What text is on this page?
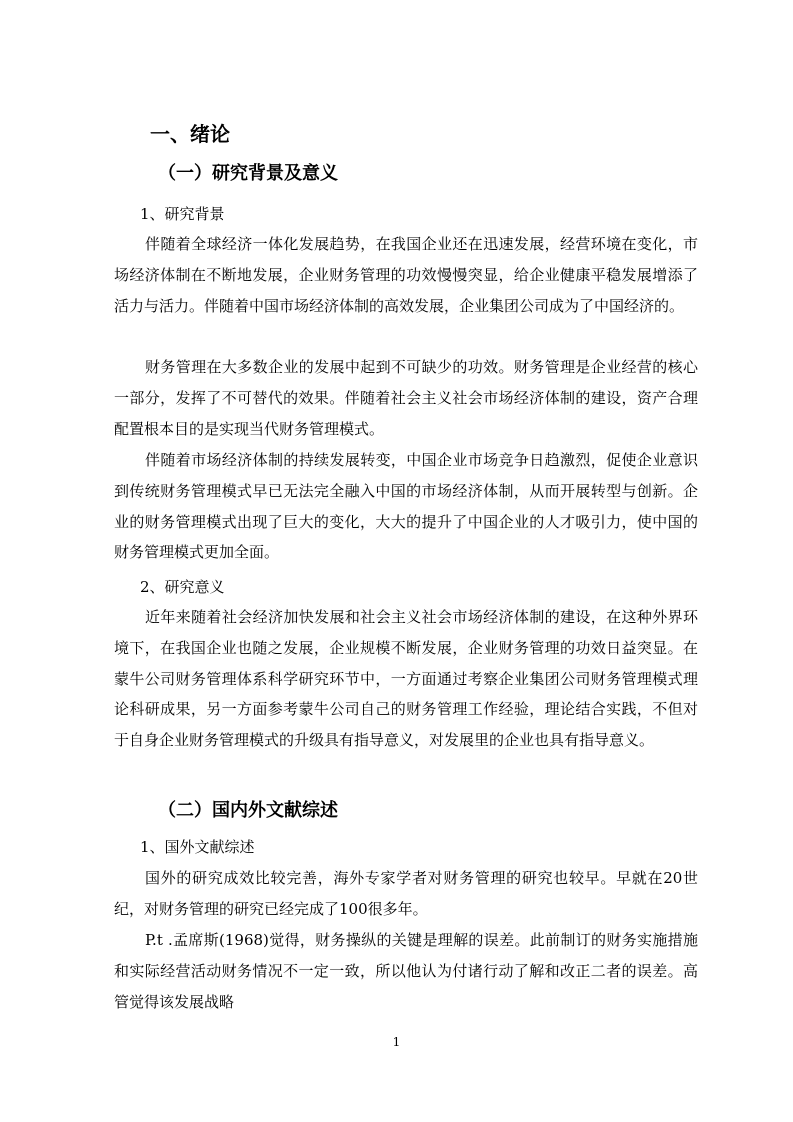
一、绪论
（一）研究背景及意义
1、研究背景

伴随着全球经济一体化发展趋势，在我国企业还在迅速发展，经营环境在变化，市场经济体制在不断地发展，企业财务管理的功效慢慢突显，给企业健康平稳发展增添了活力与活力。伴随着中国市场经济体制的高效发展，企业集团公司成为了中国经济的。

财务管理在大多数企业的发展中起到不可缺少的功效。财务管理是企业经营的核心一部分，发挥了不可替代的效果。伴随着社会主义社会市场经济体制的建设，资产合理配置根本目的是实现当代财务管理模式。

伴随着市场经济体制的持续发展转变，中国企业市场竞争日趋激烈，促使企业意识到传统财务管理模式早已无法完全融入中国的市场经济体制，从而开展转型与创新。企业的财务管理模式出现了巨大的变化，大大的提升了中国企业的人才吸引力，使中国的财务管理模式更加全面。

2、研究意义

近年来随着社会经济加快发展和社会主义社会市场经济体制的建设，在这种外界环境下，在我国企业也随之发展，企业规模不断发展，企业财务管理的功效日益突显。在蒙牛公司财务管理体系科学研究环节中，一方面通过考察企业集团公司财务管理模式理论科研成果，另一方面参考蒙牛公司自己的财务管理工作经验，理论结合实践，不但对于自身企业财务管理模式的升级具有指导意义，对发展里的企业也具有指导意义。

（二）国内外文献综述
1、国外文献综述

国外的研究成效比较完善，海外专家学者对财务管理的研究也较早。早就在20世纪，对财务管理的研究已经完成了100很多年。

P.t .孟席斯(1968)觉得，财务操纵的关键是理解的误差。此前制订的财务实施措施和实际经营活动财务情况不一定一致，所以他认为付诸行动了解和改正二者的误差。高管觉得该发展战略

1
